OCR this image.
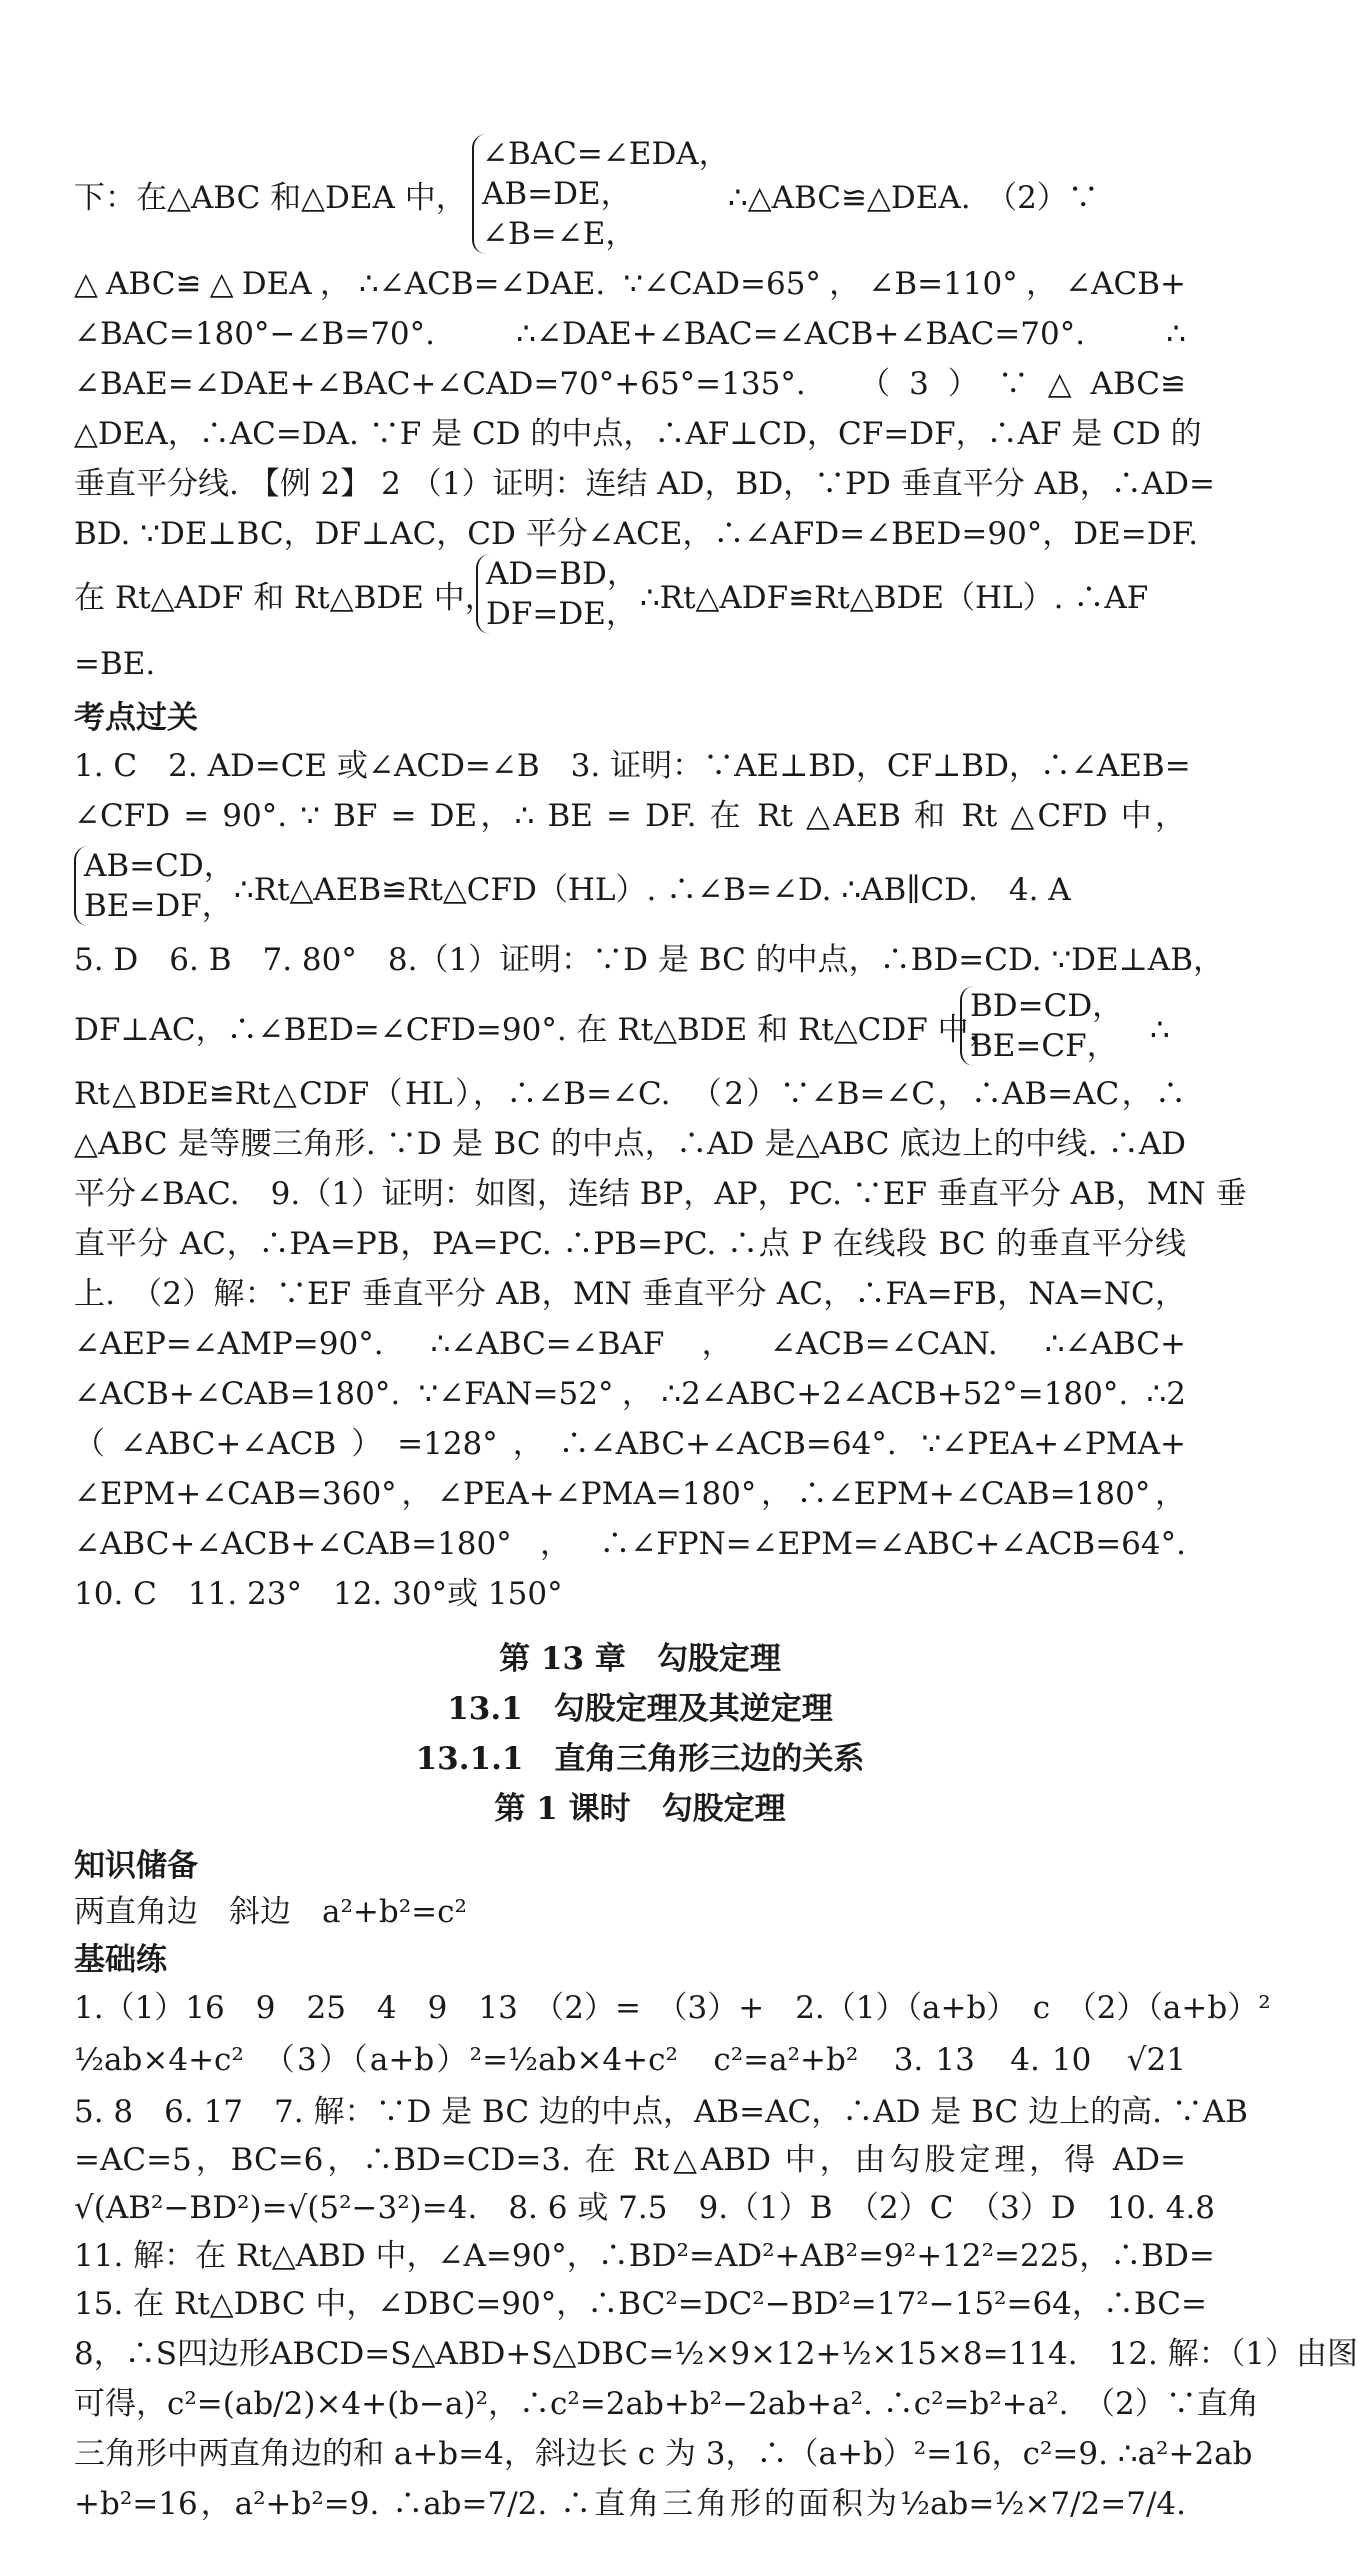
下：在△ABC 和△DEA 中，
∠BAC=∠EDA，
AB=DE，
∠B=∠E，
∴△ABC≌△DEA.　（2）∵
△ABC≌△DEA，∴∠ACB=∠DAE. ∵∠CAD=65°，∠B=110°，∠ACB+
∠BAC=180°−∠B=70°. ∴∠DAE+∠BAC=∠ACB+∠BAC=70°. ∴
∠BAE=∠DAE+∠BAC+∠CAD=70°+65°=135°.　（3）∵△ABC≌
△DEA，∴AC=DA. ∵F 是 CD 的中点，∴AF⊥CD，CF=DF，∴AF 是 CD 的
垂直平分线. 【例 2】 2 （1）证明：连结 AD，BD，∵PD 垂直平分 AB，∴AD=
BD. ∵DE⊥BC，DF⊥AC，CD 平分∠ACE，∴∠AFD=∠BED=90°，DE=DF.
在 Rt△ADF 和 Rt△BDE 中，
AD=BD，
DF=DE， ∴Rt△ADF≌Rt△BDE（HL）. ∴AF
=BE.
考点过关
1. C　2. AD=CE 或∠ACD=∠B　3. 证明：∵AE⊥BD，CF⊥BD，∴∠AEB=
∠CFD = 90°. ∵ BF = DE，∴ BE = DF. 在 Rt △AEB 和 Rt △CFD 中，
AB=CD，
BE=DF， ∴Rt△AEB≌Rt△CFD（HL）. ∴∠B=∠D. ∴AB∥CD.　4. A
5. D　6. B　7. 80°　8.（1）证明：∵D 是 BC 的中点，∴BD=CD. ∵DE⊥AB，
DF⊥AC，∴∠BED=∠CFD=90°. 在 Rt△BDE 和 Rt△CDF 中，
BD=CD，
BE=CF， ∴
Rt△BDE≌Rt△CDF（HL），∴∠B=∠C.　（2）∵∠B=∠C，∴AB=AC，∴
△ABC 是等腰三角形. ∵D 是 BC 的中点，∴AD 是△ABC 底边上的中线. ∴AD
平分∠BAC.　9.（1）证明：如图，连结 BP，AP，PC. ∵EF 垂直平分 AB，MN 垂
直平分 AC，∴PA=PB，PA=PC. ∴PB=PC. ∴点 P 在线段 BC 的垂直平分线
上.　（2）解：∵EF 垂直平分 AB，MN 垂直平分 AC，∴FA=FB，NA=NC，
∠AEP=∠AMP=90°. ∴∠ABC=∠BAF，∠ACB=∠CAN. ∴∠ABC+
∠ACB+∠CAB=180°. ∵∠FAN=52°，∴2∠ABC+2∠ACB+52°=180°. ∴2
（∠ABC+∠ACB）=128°，∴∠ABC+∠ACB=64°. ∵∠PEA+∠PMA+
∠EPM+∠CAB=360°，∠PEA+∠PMA=180°，∴∠EPM+∠CAB=180°，
∠ABC+∠ACB+∠CAB=180°，∴∠FPN=∠EPM=∠ABC+∠ACB=64°.
10. C　11. 23°　12. 30°或 150°
第 13 章　勾股定理
13.1　勾股定理及其逆定理
13.1.1　直角三角形三边的关系
第 1 课时　勾股定理
知识储备
两直角边　斜边　a²+b²=c²
基础练
1.（1）16　9　25　4　9　13　（2）=　（3）+　2.（1）（a+b）　c　（2）（a+b）²
½ab×4+c²　（3）（a+b）²=½ab×4+c²　c²=a²+b²　3. 13　4. 10　√21
5. 8　6. 17　7. 解：∵D 是 BC 边的中点，AB=AC，∴AD 是 BC 边上的高. ∵AB
=AC=5，BC=6，∴BD=CD=3. 在 Rt△ABD 中，由勾股定理，得 AD=
√(AB²−BD²)=√(5²−3²)=4.　8. 6 或 7.5　9.（1）B　（2）C　（3）D　10. 4.8
11. 解：在 Rt△ABD 中，∠A=90°，∴BD²=AD²+AB²=9²+12²=225，∴BD=
15. 在 Rt△DBC 中，∠DBC=90°，∴BC²=DC²−BD²=17²−15²=64，∴BC=
8，∴S四边形ABCD=S△ABD+S△DBC=½×9×12+½×15×8=114.　12. 解：（1）由图
可得，c²=(ab/2)×4+(b−a)²，∴c²=2ab+b²−2ab+a². ∴c²=b²+a².　（2）∵直角
三角形中两直角边的和 a+b=4，斜边长 c 为 3，∴（a+b）²=16，c²=9. ∴a²+2ab
+b²=16，a²+b²=9. ∴ab=7/2. ∴直角三角形的面积为½ab=½×7/2=7/4.
